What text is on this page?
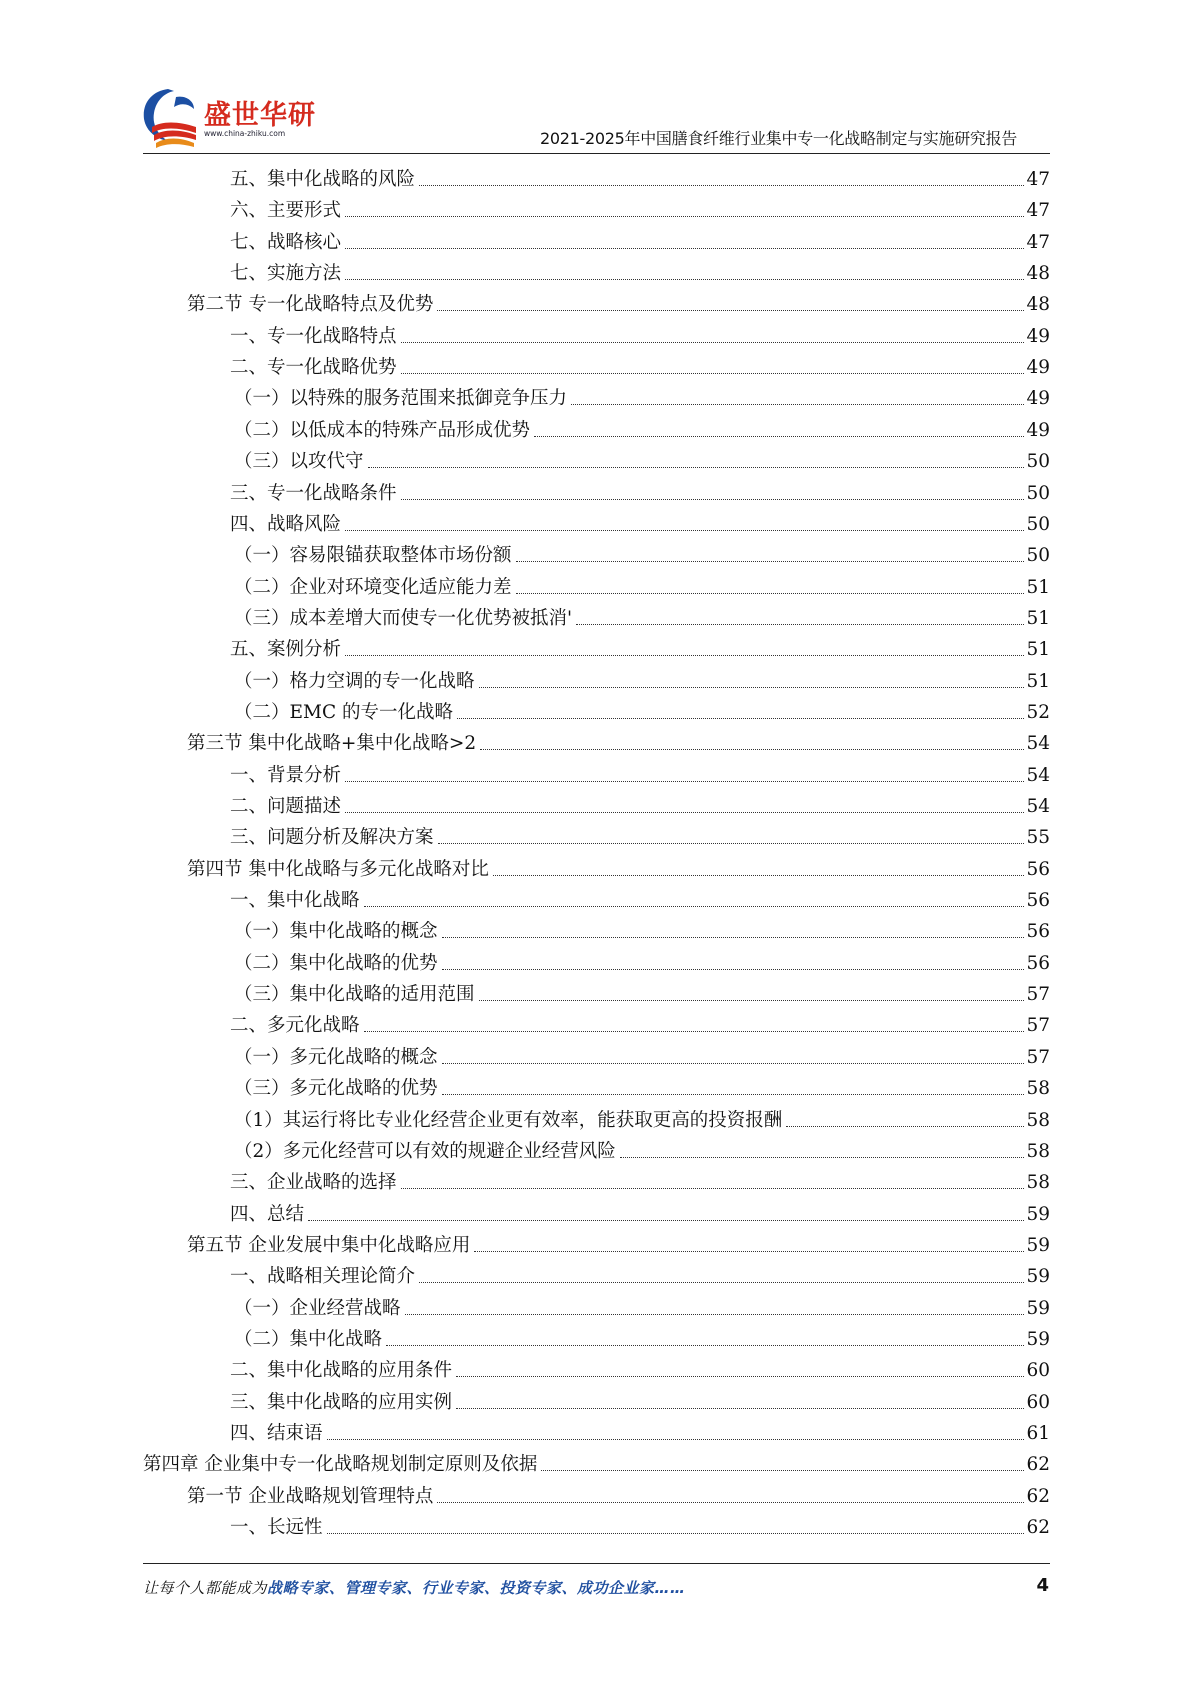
盛世华研
www.china-zhiku.com	2021-2025年中国膳食纤维行业集中专一化战略制定与实施研究报告
五、集中化战略的风险	47
六、主要形式	47
七、战略核心	47
七、实施方法	48
第二节 专一化战略特点及优势	48
一、专一化战略特点	49
二、专一化战略优势	49
（一）以特殊的服务范围来抵御竞争压力	49
（二）以低成本的特殊产品形成优势	49
（三）以攻代守	50
三、专一化战略条件	50
四、战略风险	50
（一）容易限锚获取整体市场份额	50
（二）企业对环境变化适应能力差	51
（三）成本差增大而使专一化优势被抵消'	51
五、案例分析	51
（一）格力空调的专一化战略	51
（二）EMC 的专一化战略	52
第三节 集中化战略+集中化战略>2	54
一、背景分析	54
二、问题描述	54
三、问题分析及解决方案	55
第四节 集中化战略与多元化战略对比	56
一、集中化战略	56
（一）集中化战略的概念	56
（二）集中化战略的优势	56
（三）集中化战略的适用范围	57
二、多元化战略	57
（一）多元化战略的概念	57
（三）多元化战略的优势	58
（1）其运行将比专业化经营企业更有效率，能获取更高的投资报酬	58
（2）多元化经营可以有效的规避企业经营风险	58
三、企业战略的选择	58
四、总结	59
第五节 企业发展中集中化战略应用	59
一、战略相关理论简介	59
（一）企业经营战略	59
（二）集中化战略	59
二、集中化战略的应用条件	60
三、集中化战略的应用实例	60
四、结束语	61
第四章 企业集中专一化战略规划制定原则及依据	62
第一节 企业战略规划管理特点	62
一、长远性	62
让每个人都能成为战略专家、管理专家、行业专家、投资专家、成功企业家……	4
